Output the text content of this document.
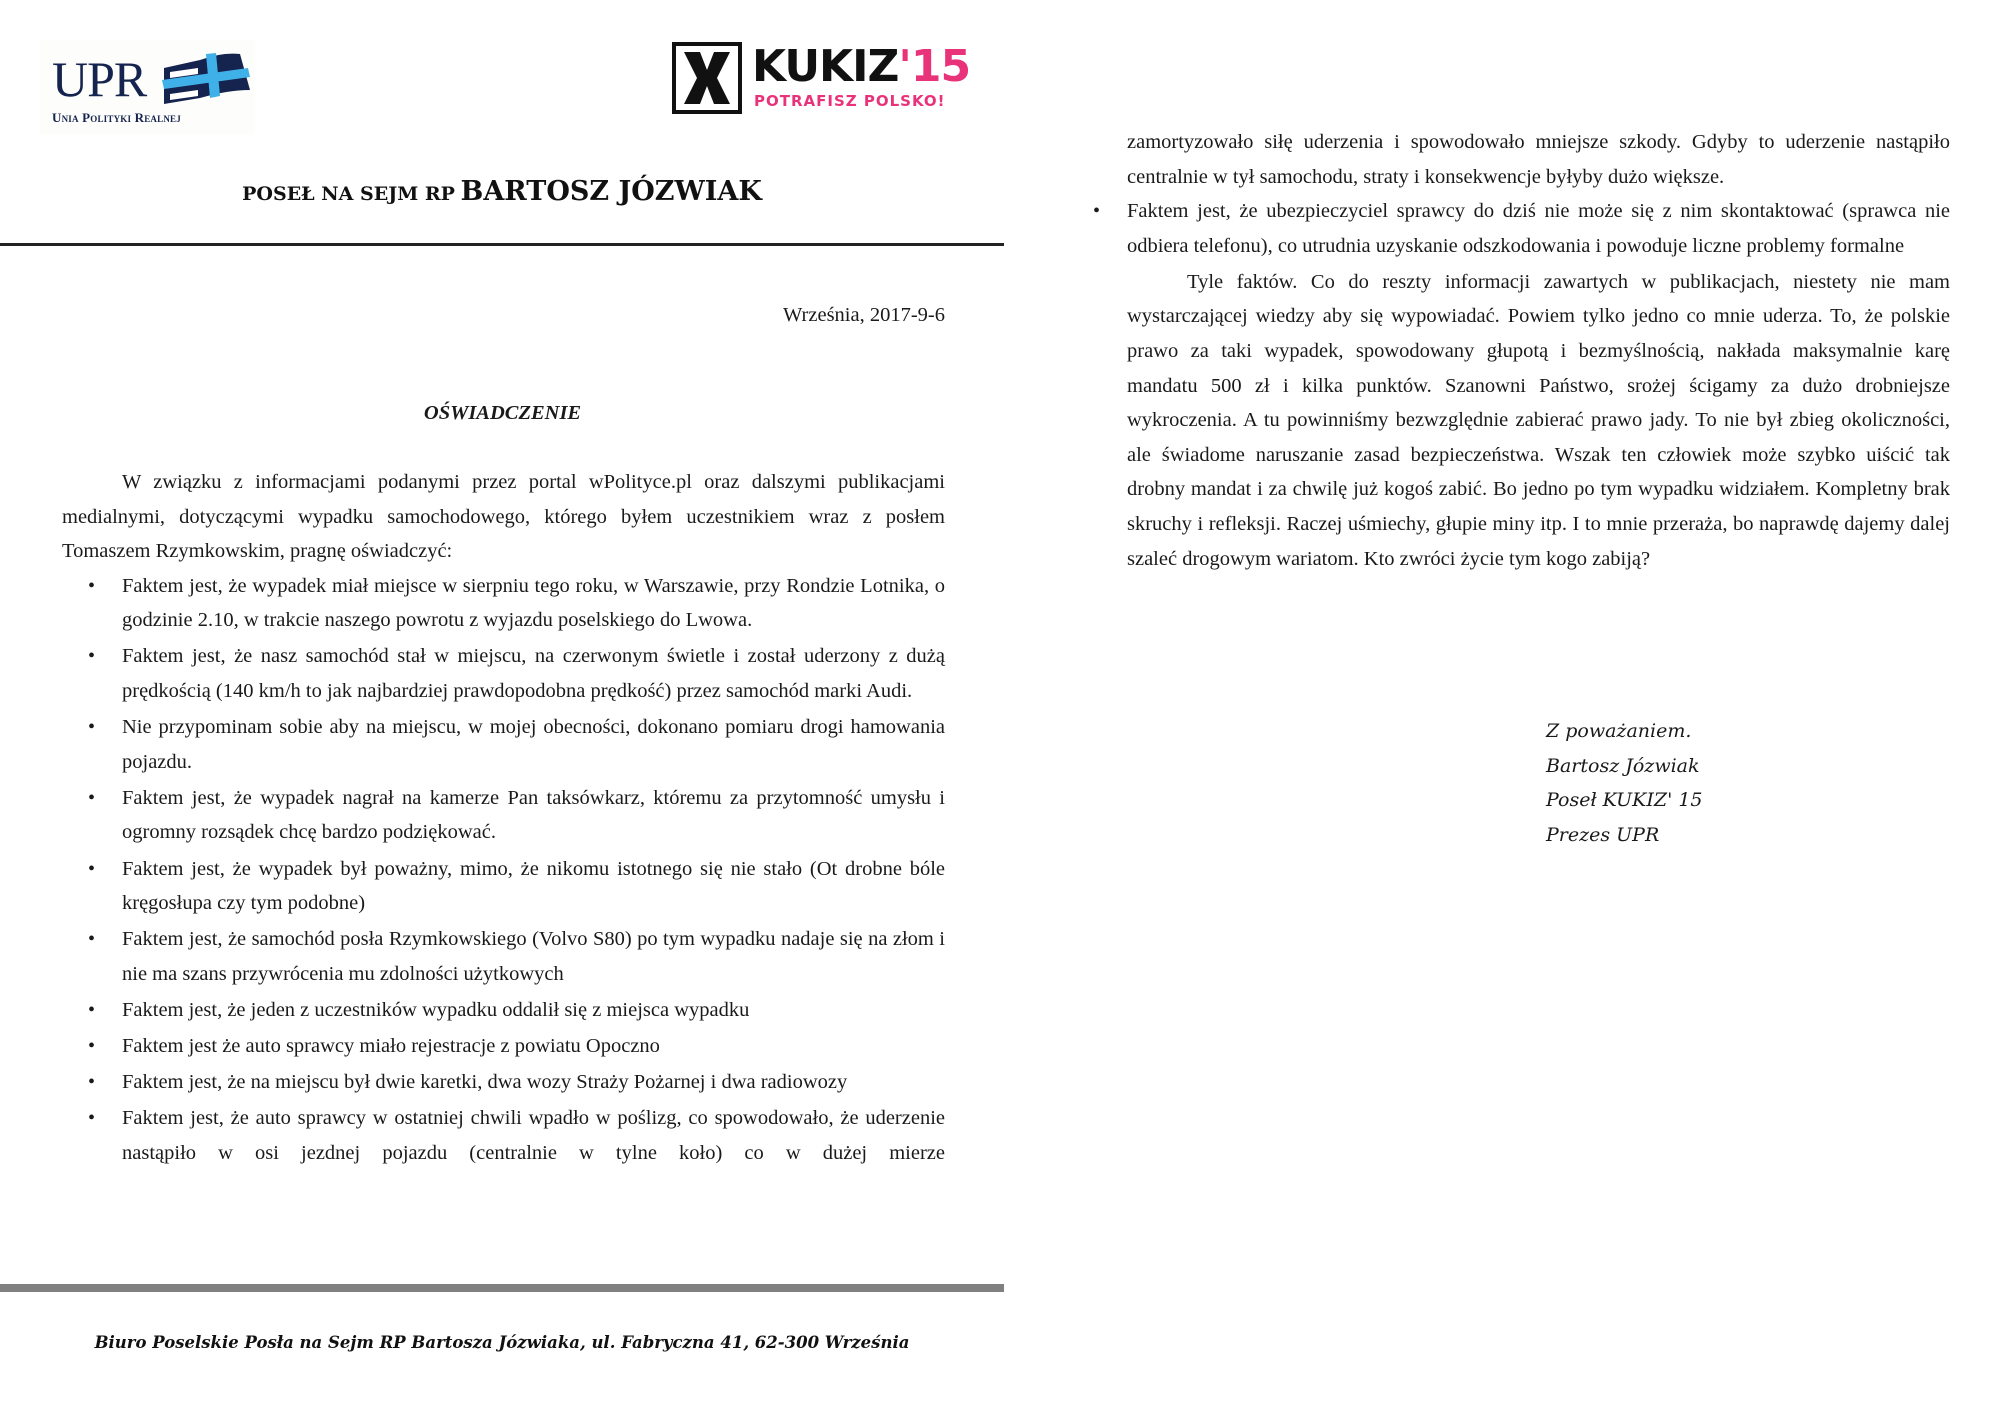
UPR
Unia Polityki Realnej
KUKIZ'15
POTRAFISZ POLSKO!
POSEŁ NA SEJM RP BARTOSZ JÓZWIAK
Września, 2017-9-6
OŚWIADCZENIE

W związku z informacjami podanymi przez portal wPolityce.pl oraz dalszymi publikacjami medialnymi, dotyczącymi wypadku samochodowego, którego byłem uczestnikiem wraz z posłem Tomaszem Rzymkowskim, pragnę oświadczyć:

• Faktem jest, że wypadek miał miejsce w sierpniu tego roku, w Warszawie, przy Rondzie Lotnika, o godzinie 2.10, w trakcie naszego powrotu z wyjazdu poselskiego do Lwowa.
• Faktem jest, że nasz samochód stał w miejscu, na czerwonym świetle i został uderzony z dużą prędkością (140 km/h to jak najbardziej prawdopodobna prędkość) przez samochód marki Audi.
• Nie przypominam sobie aby na miejscu, w mojej obecności, dokonano pomiaru drogi hamowania pojazdu.
• Faktem jest, że wypadek nagrał na kamerze Pan taksówkarz, któremu za przytomność umysłu i ogromny rozsądek chcę bardzo podziękować.
• Faktem jest, że wypadek był poważny, mimo, że nikomu istotnego się nie stało (Ot drobne bóle kręgosłupa czy tym podobne)
• Faktem jest, że samochód posła Rzymkowskiego (Volvo S80) po tym wypadku nadaje się na złom i nie ma szans przywrócenia mu zdolności użytkowych
• Faktem jest, że jeden z uczestników wypadku oddalił się z miejsca wypadku
• Faktem jest że auto sprawcy miało rejestracje z powiatu Opoczno
• Faktem jest, że na miejscu był dwie karetki, dwa wozy Straży Pożarnej i dwa radiowozy
• Faktem jest, że auto sprawcy w ostatniej chwili wpadło w poślizg, co spowodowało, że uderzenie nastąpiło w osi jezdnej pojazdu (centralnie w tylne koło) co w dużej mierze

zamortyzowało siłę uderzenia i spowodowało mniejsze szkody. Gdyby to uderzenie nastąpiło centralnie w tył samochodu, straty i konsekwencje byłyby dużo większe.

• Faktem jest, że ubezpieczyciel sprawcy do dziś nie może się z nim skontaktować (sprawca nie odbiera telefonu), co utrudnia uzyskanie odszkodowania i powoduje liczne problemy formalne

Tyle faktów. Co do reszty informacji zawartych w publikacjach, niestety nie mam wystarczającej wiedzy aby się wypowiadać. Powiem tylko jedno co mnie uderza. To, że polskie prawo za taki wypadek, spowodowany głupotą i bezmyślnością, nakłada maksymalnie karę mandatu 500 zł i kilka punktów. Szanowni Państwo, srożej ścigamy za dużo drobniejsze wykroczenia. A tu powinniśmy bezwzględnie zabierać prawo jady. To nie był zbieg okoliczności, ale świadome naruszanie zasad bezpieczeństwa. Wszak ten człowiek może szybko uiścić tak drobny mandat i za chwilę już kogoś zabić. Bo jedno po tym wypadku widziałem. Kompletny brak skruchy i refleksji. Raczej uśmiechy, głupie miny itp. I to mnie przeraża, bo naprawdę dajemy dalej szaleć drogowym wariatom. Kto zwróci życie tym kogo zabiją?

Z poważaniem.
Bartosz Józwiak
Poseł KUKIZ' 15
Prezes UPR
Biuro Poselskie Posła na Sejm RP Bartosza Józwiaka, ul. Fabryczna 41, 62-300 Września
